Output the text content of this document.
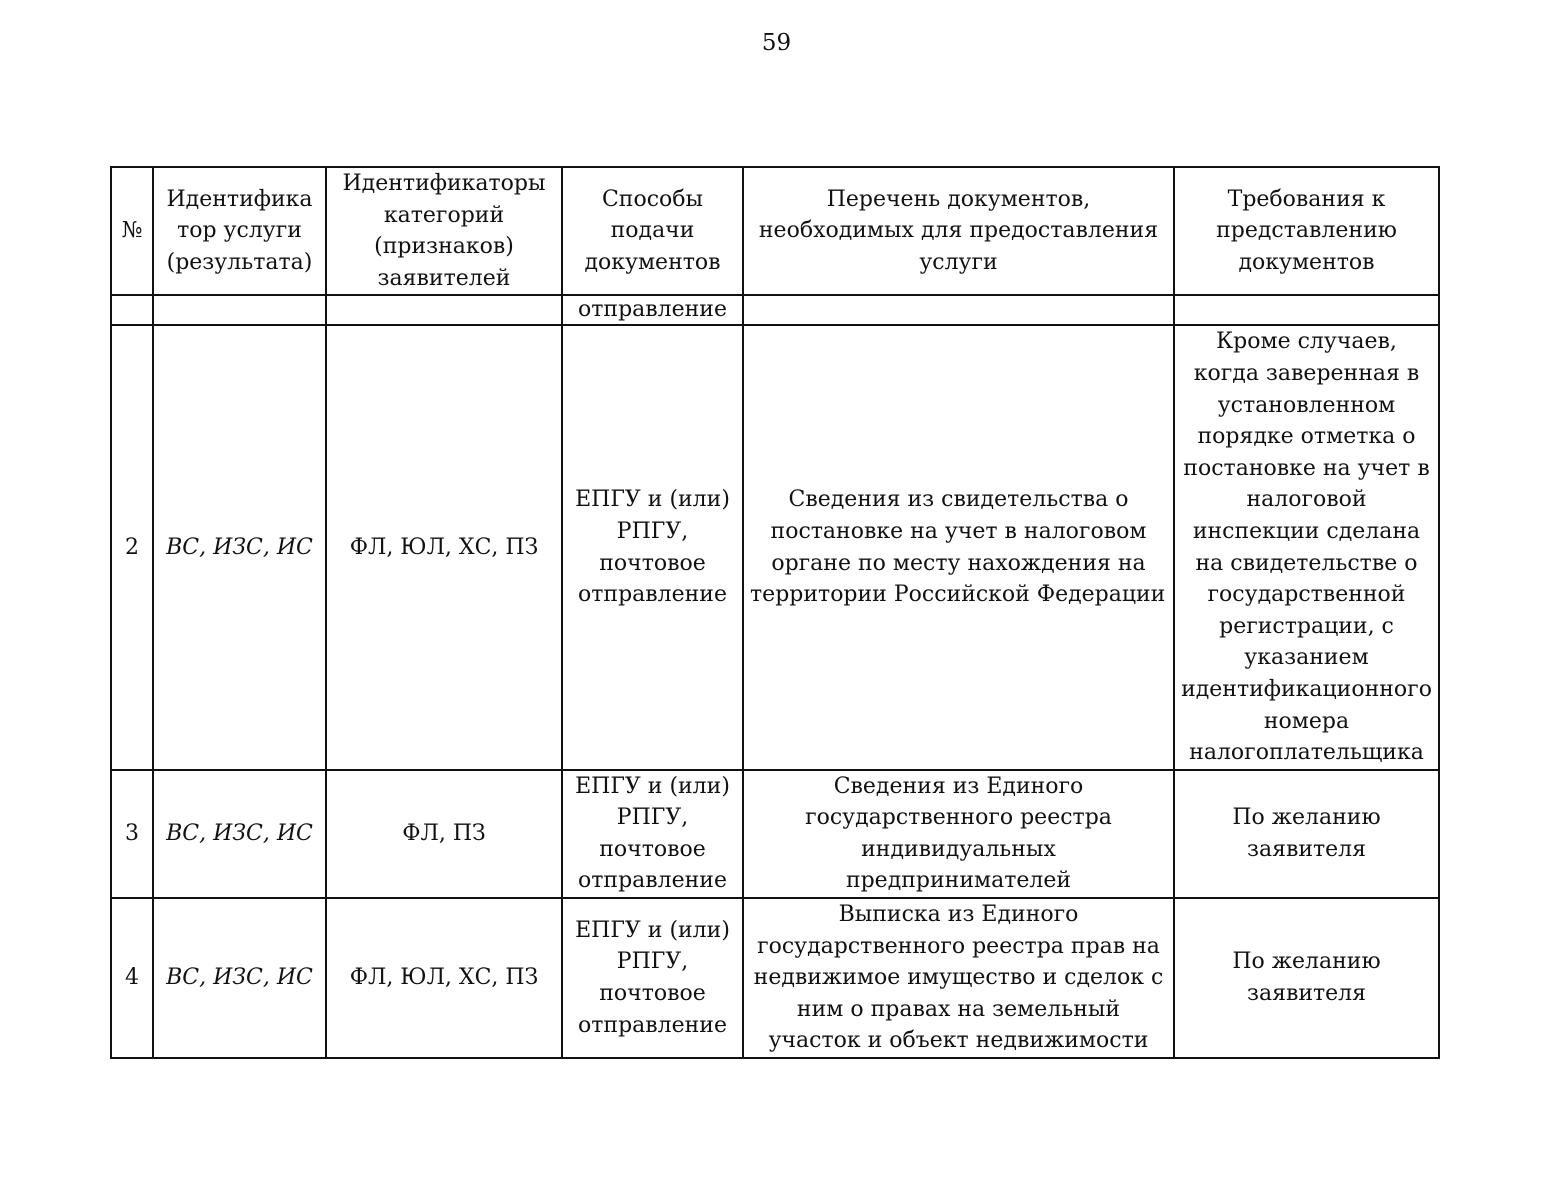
59
№	Идентифика тор услуги (результата)	Идентификаторы категорий (признаков) заявителей	Способы подачи документов	Перечень документов, необходимых для предоставления услуги	Требования к представлению документов
			отправление		
2	ВС, ИЗС, ИС	ФЛ, ЮЛ, ХС, ПЗ	ЕПГУ и (или) РПГУ, почтовое отправление	Сведения из свидетельства о постановке на учет в налоговом органе по месту нахождения на территории Российской Федерации	Кроме случаев, когда заверенная в установленном порядке отметка о постановке на учет в налоговой инспекции сделана на свидетельстве о государственной регистрации, с указанием идентификационного номера налогоплательщика
3	ВС, ИЗС, ИС	ФЛ, ПЗ	ЕПГУ и (или) РПГУ, почтовое отправление	Сведения из Единого государственного реестра индивидуальных предпринимателей	По желанию заявителя
4	ВС, ИЗС, ИС	ФЛ, ЮЛ, ХС, ПЗ	ЕПГУ и (или) РПГУ, почтовое отправление	Выписка из Единого государственного реестра прав на недвижимое имущество и сделок с ним о правах на земельный участок и объект недвижимости	По желанию заявителя
